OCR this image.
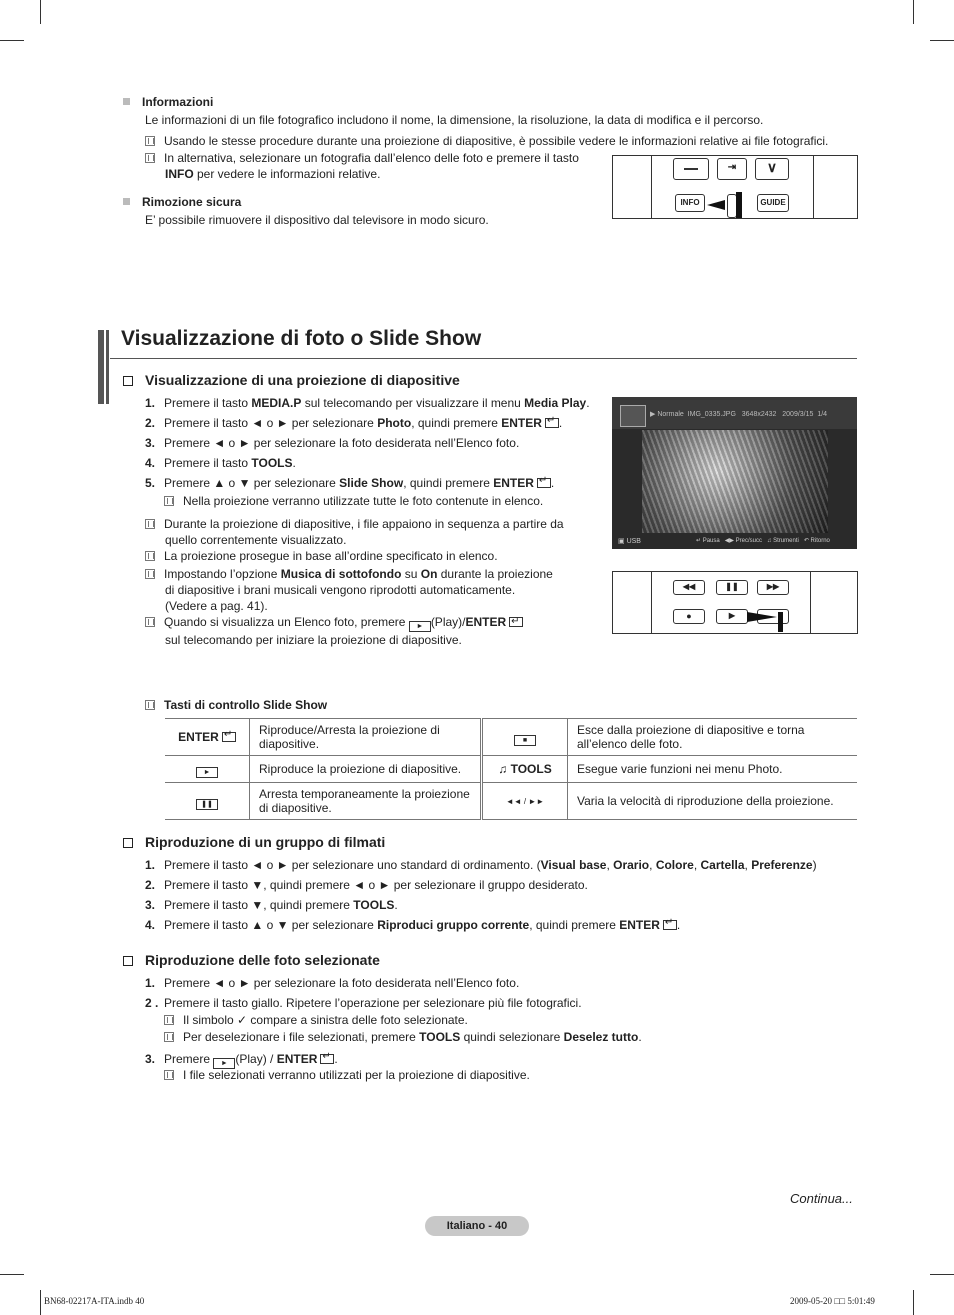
Informazioni
Le informazioni di un file fotografico includono il nome, la dimensione, la risoluzione, la data di modifica e il percorso.
Usando le stesse procedure durante una proiezione di diapositive, è possibile vedere le informazioni relative ai file fotografici.
In alternativa, selezionare un fotografia dall’elenco delle foto e premere il tasto
INFO per vedere le informazioni relative.
Rimozione sicura
E’ possibile rimuovere il dispositivo dal televisore in modo sicuro.
⇥	∨
INFO	GUIDE
Visualizzazione di foto o Slide Show
Visualizzazione di una proiezione di diapositive
1. Premere il tasto MEDIA.P sul telecomando per visualizzare il menu Media Play.
2. Premere il tasto ◄ o ► per selezionare Photo, quindi premere ENTER ↵ .
3. Premere ◄ o ► per selezionare la foto desiderata nell’Elenco foto.
4. Premere il tasto TOOLS.
5. Premere ▲ o ▼ per selezionare Slide Show, quindi premere ENTER ↵ .
Nella proiezione verranno utilizzate tutte le foto contenute in elenco.
Durante la proiezione di diapositive, i file appaiono in sequenza a partire da
quello correntemente visualizzato.
La proiezione prosegue in base all’ordine specificato in elenco.
Impostando l’opzione Musica di sottofondo su On durante la proiezione
di diapositive i brani musicali vengono riprodotti automaticamente.
(Vedere a pag. 41).
Quando si visualizza un Elenco foto, premere ► (Play)/ENTER↵
sul telecomando per iniziare la proiezione di diapositive.
▶ Normale IMG_0335.JPG 3648x2432 2009/3/15 1/4
▣ USB	↵ Pausa   ◀▶ Prec/succ   ♫ Strumenti   ↶ Ritorno
◀◀	❚❚	▶▶
●	▶
Tasti di controllo Slide Show
ENTER↵	Riproduce/Arresta la proiezione di diapositive.	■	Esce dalla proiezione di diapositive e torna all’elenco delle foto.
►	Riproduce la proiezione di diapositive.	♫ TOOLS	Esegue varie funzioni nei menu Photo.
❚❚	Arresta temporaneamente la proiezione di diapositive.	◄◄ / ►►	Varia la velocità di riproduzione della proiezione.
Riproduzione di un gruppo di filmati
1. Premere il tasto ◄ o ► per selezionare uno standard di ordinamento. (Visual base, Orario, Colore, Cartella, Preferenze)
2. Premere il tasto ▼, quindi premere ◄ o ► per selezionare il gruppo desiderato.
3. Premere il tasto ▼, quindi premere TOOLS.
4. Premere il tasto ▲ o ▼ per selezionare Riproduci gruppo corrente, quindi premere ENTER ↵ .
Riproduzione delle foto selezionate
1. Premere ◄ o ► per selezionare la foto desiderata nell’Elenco foto.
2 . Premere il tasto giallo. Ripetere l’operazione per selezionare più file fotografici.
Il simbolo ✓ compare a sinistra delle foto selezionate.
Per deselezionare i file selezionati, premere TOOLS quindi selezionare Deselez tutto.
3. Premere ► (Play) / ENTER ↵ .
I file selezionati verranno utilizzati per la proiezione di diapositive.
Continua...
Italiano - 40
BN68-02217A-ITA.indb 40	2009-05-20 □□ 5:01:49
